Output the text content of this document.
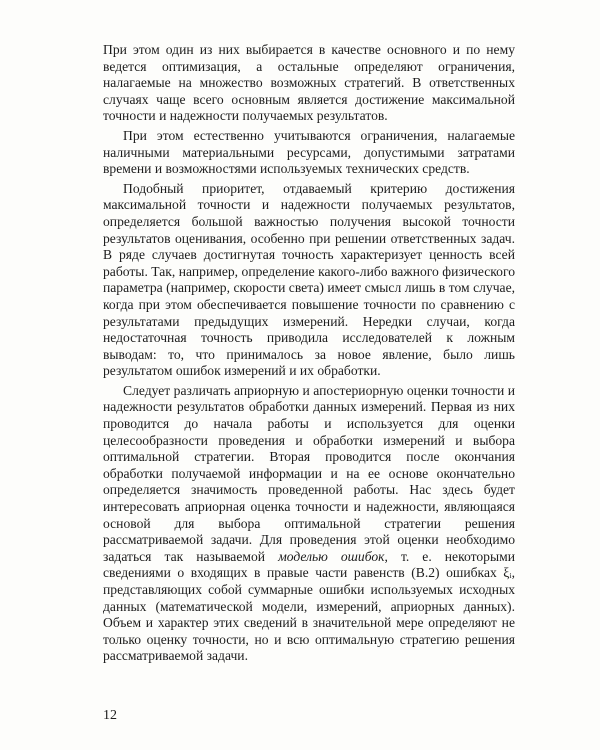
При этом один из них выбирается в качестве основного и по нему ведется оптимизация, а остальные определяют ограничения, налагаемые на множество возможных стратегий. В ответственных случаях чаще всего основным является достижение максимальной точности и надежности получаемых результатов.

При этом естественно учитываются ограничения, налагаемые наличными материальными ресурсами, допустимыми затратами времени и возможностями используемых технических средств.

Подобный приоритет, отдаваемый критерию достижения максимальной точности и надежности получаемых результатов, определяется большой важностью получения высокой точности результатов оценивания, особенно при решении ответственных задач. В ряде случаев достигнутая точность характеризует ценность всей работы. Так, например, определение какого-либо важного физического параметра (например, скорости света) имеет смысл лишь в том случае, когда при этом обеспечивается повышение точности по сравнению с результатами предыдущих измерений. Нередки случаи, когда недостаточная точность приводила исследователей к ложным выводам: то, что принималось за новое явление, было лишь результатом ошибок измерений и их обработки.

Следует различать априорную и апостериорную оценки точности и надежности результатов обработки данных измерений. Первая из них проводится до начала работы и используется для оценки целесообразности проведения и обработки измерений и выбора оптимальной стратегии. Вторая проводится после окончания обработки получаемой информации и на ее основе окончательно определяется значимость проведенной работы. Нас здесь будет интересовать априорная оценка точности и надежности, являющаяся основой для выбора оптимальной стратегии решения рассматриваемой задачи. Для проведения этой оценки необходимо задаться так называемой моделью ошибок, т. е. некоторыми сведениями о входящих в правые части равенств (В.2) ошибках ξᵢ, представляющих собой суммарные ошибки используемых исходных данных (математической модели, измерений, априорных данных). Объем и характер этих сведений в значительной мере определяют не только оценку точности, но и всю оптимальную стратегию решения рассматриваемой задачи.

12
